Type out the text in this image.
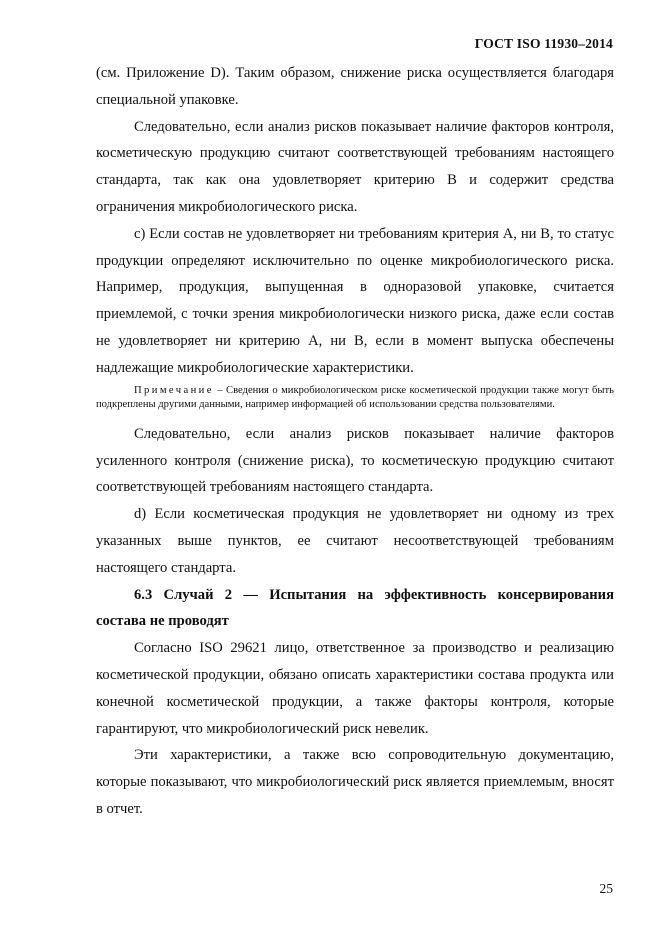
ГОСТ ISO 11930–2014

(см. Приложение D). Таким образом, снижение риска осуществляется благодаря специальной упаковке.

Следовательно, если анализ рисков показывает наличие факторов контроля, косметическую продукцию считают соответствующей требованиям настоящего стандарта, так как она удовлетворяет критерию В и содержит средства ограничения микробиологического риска.

с) Если состав не удовлетворяет ни требованиям критерия А, ни В, то статус продукции определяют исключительно по оценке микробиологического риска. Например, продукция, выпущенная в одноразовой упаковке, считается приемлемой, с точки зрения микробиологически низкого риска, даже если состав не удовлетворяет ни критерию А, ни В, если в момент выпуска обеспечены надлежащие микробиологические характеристики.

Примечание – Сведения о микробиологическом риске косметической продукции также могут быть подкреплены другими данными, например информацией об использовании средства пользователями.

Следовательно, если анализ рисков показывает наличие факторов усиленного контроля (снижение риска), то косметическую продукцию считают соответствующей требованиям настоящего стандарта.

d) Если косметическая продукция не удовлетворяет ни одному из трех указанных выше пунктов, ее считают несоответствующей требованиям настоящего стандарта.

6.3 Случай 2 — Испытания на эффективность консервирования состава не проводят

Согласно ISO 29621 лицо, ответственное за производство и реализацию косметической продукции, обязано описать характеристики состава продукта или конечной косметической продукции, а также факторы контроля, которые гарантируют, что микробиологический риск невелик.

Эти характеристики, а также всю сопроводительную документацию, которые показывают, что микробиологический риск является приемлемым, вносят в отчет.

25
